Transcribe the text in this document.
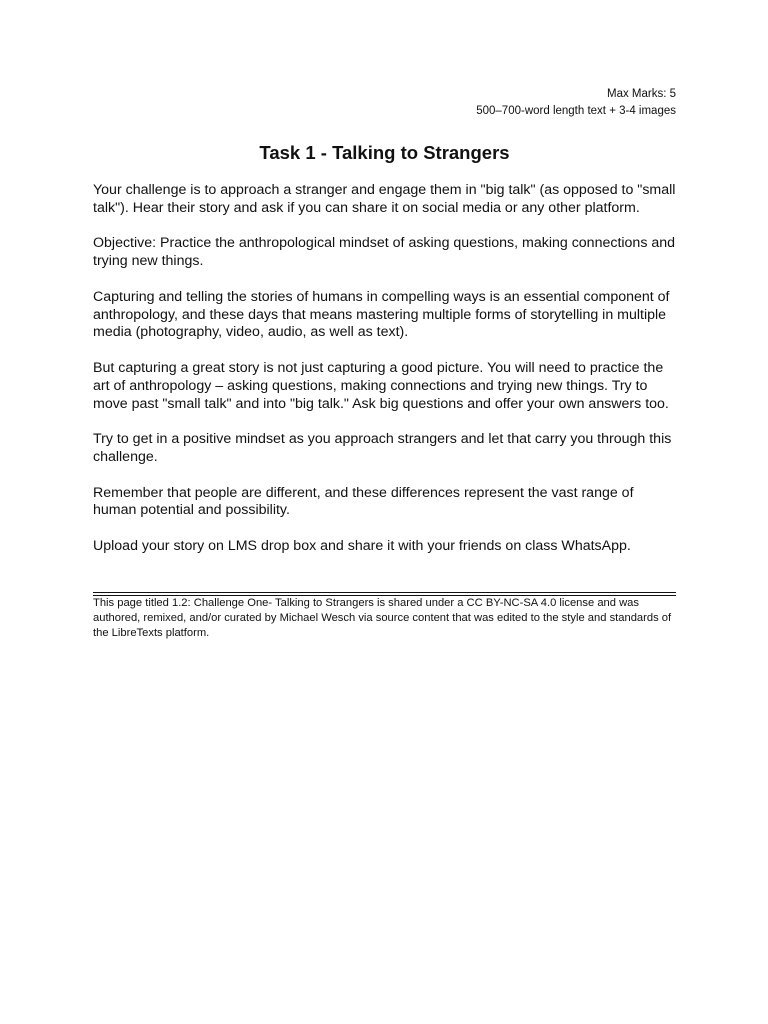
Max Marks: 5
500–700-word length text + 3-4 images
Task 1 - Talking to Strangers

Your challenge is to approach a stranger and engage them in "big talk" (as opposed to "small talk"). Hear their story and ask if you can share it on social media or any other platform.

Objective: Practice the anthropological mindset of asking questions, making connections and trying new things.

Capturing and telling the stories of humans in compelling ways is an essential component of anthropology, and these days that means mastering multiple forms of storytelling in multiple media (photography, video, audio, as well as text).

But capturing a great story is not just capturing a good picture. You will need to practice the art of anthropology – asking questions, making connections and trying new things. Try to move past "small talk" and into "big talk." Ask big questions and offer your own answers too.

Try to get in a positive mindset as you approach strangers and let that carry you through this challenge.

Remember that people are different, and these differences represent the vast range of human potential and possibility.

Upload your story on LMS drop box and share it with your friends on class WhatsApp.

This page titled 1.2: Challenge One- Talking to Strangers is shared under a CC BY-NC-SA 4.0 license and was authored, remixed, and/or curated by Michael Wesch via source content that was edited to the style and standards of the LibreTexts platform.
